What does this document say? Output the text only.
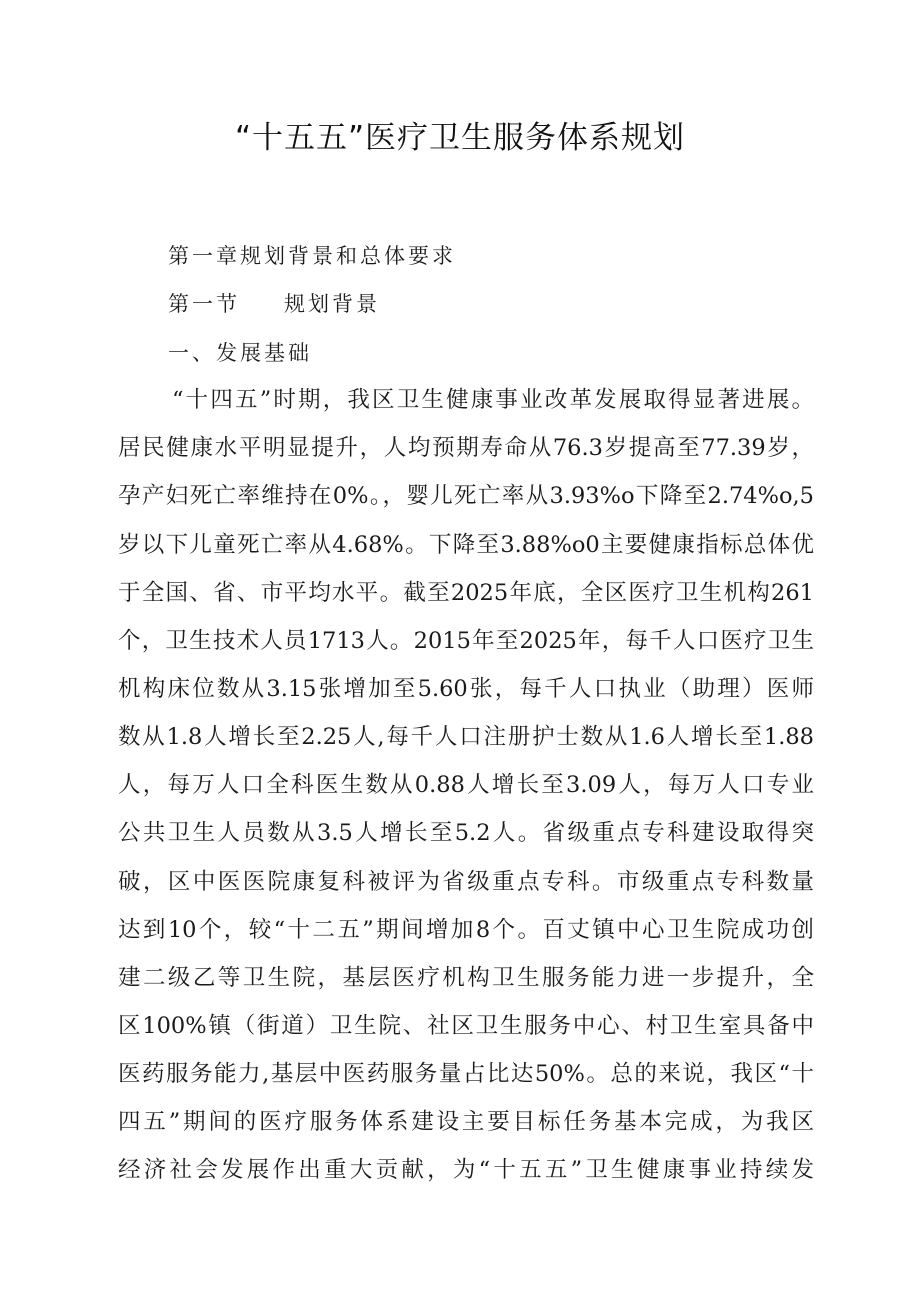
“十五五”医疗卫生服务体系规划
第一章规划背景和总体要求
第一节 规划背景
一、发展基础
“十四五”时期，我区卫生健康事业改革发展取得显著进展。
居民健康水平明显提升，人均预期寿命从76.3岁提高至77.39岁，
孕产妇死亡率维持在0%。，婴儿死亡率从3.93%o下降至2.74%o,5
岁以下儿童死亡率从4.68%。下降至3.88%o0主要健康指标总体优
于全国、省、市平均水平。截至2025年底，全区医疗卫生机构261
个，卫生技术人员1713人。2015年至2025年，每千人口医疗卫生
机构床位数从3.15张增加至5.60张，每千人口执业（助理）医师
数从1.8人增长至2.25人,每千人口注册护士数从1.6人增长至1.88
人，每万人口全科医生数从0.88人增长至3.09人，每万人口专业
公共卫生人员数从3.5人增长至5.2人。省级重点专科建设取得突
破，区中医医院康复科被评为省级重点专科。市级重点专科数量
达到10个，较“十二五”期间增加8个。百丈镇中心卫生院成功创
建二级乙等卫生院，基层医疗机构卫生服务能力进一步提升，全
区100%镇（街道）卫生院、社区卫生服务中心、村卫生室具备中
医药服务能力,基层中医药服务量占比达50%。总的来说，我区“十
四五”期间的医疗服务体系建设主要目标任务基本完成，为我区
经济社会发展作出重大贡献，为“十五五”卫生健康事业持续发
